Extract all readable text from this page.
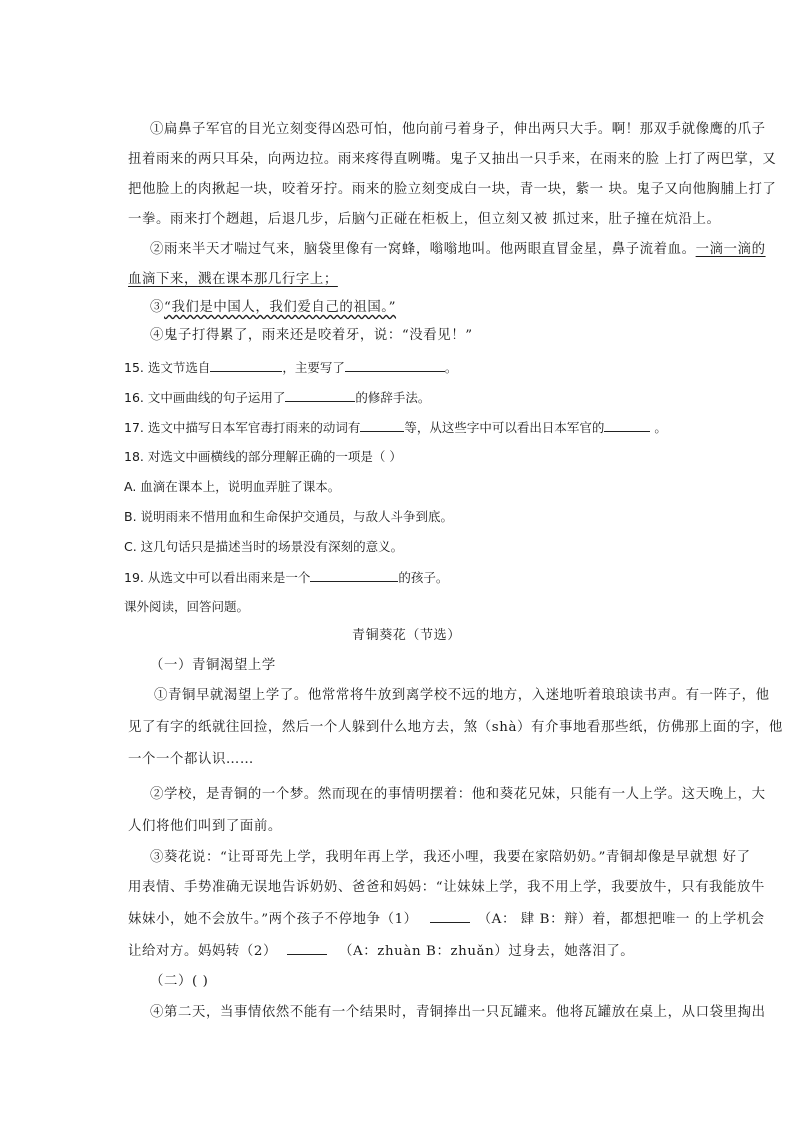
①扁鼻子军官的目光立刻变得凶恐可怕，他向前弓着身子，伸出两只大手。啊！那双手就像鹰的爪子
扭着雨来的两只耳朵，向两边拉。雨来疼得直咧嘴。鬼子又抽出一只手来，在雨来的脸 上打了两巴掌，又
把他脸上的肉揪起一块，咬着牙拧。雨来的脸立刻变成白一块，青一块，紫一 块。鬼子又向他胸脯上打了
一拳。雨来打个趔趄，后退几步，后脑勺正碰在柜板上，但立刻又被 抓过来，肚子撞在炕沿上。
②雨来半天才喘过气来，脑袋里像有一窝蜂，嗡嗡地叫。他两眼直冒金星，鼻子流着血。一滴一滴的
血滴下来，溅在课本那几行字上；
③“我们是中国人，我们爱自己的祖国。”
④鬼子打得累了，雨来还是咬着牙，说：“没看见！”
15. 选文节选自	，主要写了	。
16. 文中画曲线的句子运用了	的修辞手法。
17. 选文中描写日本军官毒打雨来的动词有	等，从这些字中可以看出日本军官的	。
18. 对选文中画横线的部分理解正确的一项是（ ）
A. 血滴在课本上，说明血弄脏了课本。
B. 说明雨来不惜用血和生命保护交通员，与敌人斗争到底。
C. 这几句话只是描述当时的场景没有深刻的意义。
19. 从选文中可以看出雨来是一个	的孩子。
课外阅读，回答问题。
青铜葵花（节选）
（一）青铜渴望上学
①青铜早就渴望上学了。他常常将牛放到离学校不远的地方，入迷地听着琅琅读书声。有一阵子，他
见了有字的纸就往回捡，然后一个人躲到什么地方去，煞（shà）有介事地看那些纸，仿佛那上面的字，他
一个一个都认识……
②学校，是青铜的一个梦。然而现在的事情明摆着：他和葵花兄妹，只能有一人上学。这天晚上，大
人们将他们叫到了面前。
③葵花说：“让哥哥先上学，我明年再上学，我还小哩，我要在家陪奶奶。”青铜却像是早就想 好了
用表情、手势准确无误地告诉奶奶、爸爸和妈妈：“让妹妹上学，我不用上学，我要放牛，只有我能放牛
妹妹小，她不会放牛。”两个孩子不停地争（1）	（A： 肆 B：辩）着，都想把唯一 的上学机会
让给对方。妈妈转（2）	（A：zhuàn B：zhuǎn）过身去，她落泪了。
（二）( )
④第二天，当事情依然不能有一个结果时，青铜捧出一只瓦罐来。他将瓦罐放在桌上，从口袋里掏出
